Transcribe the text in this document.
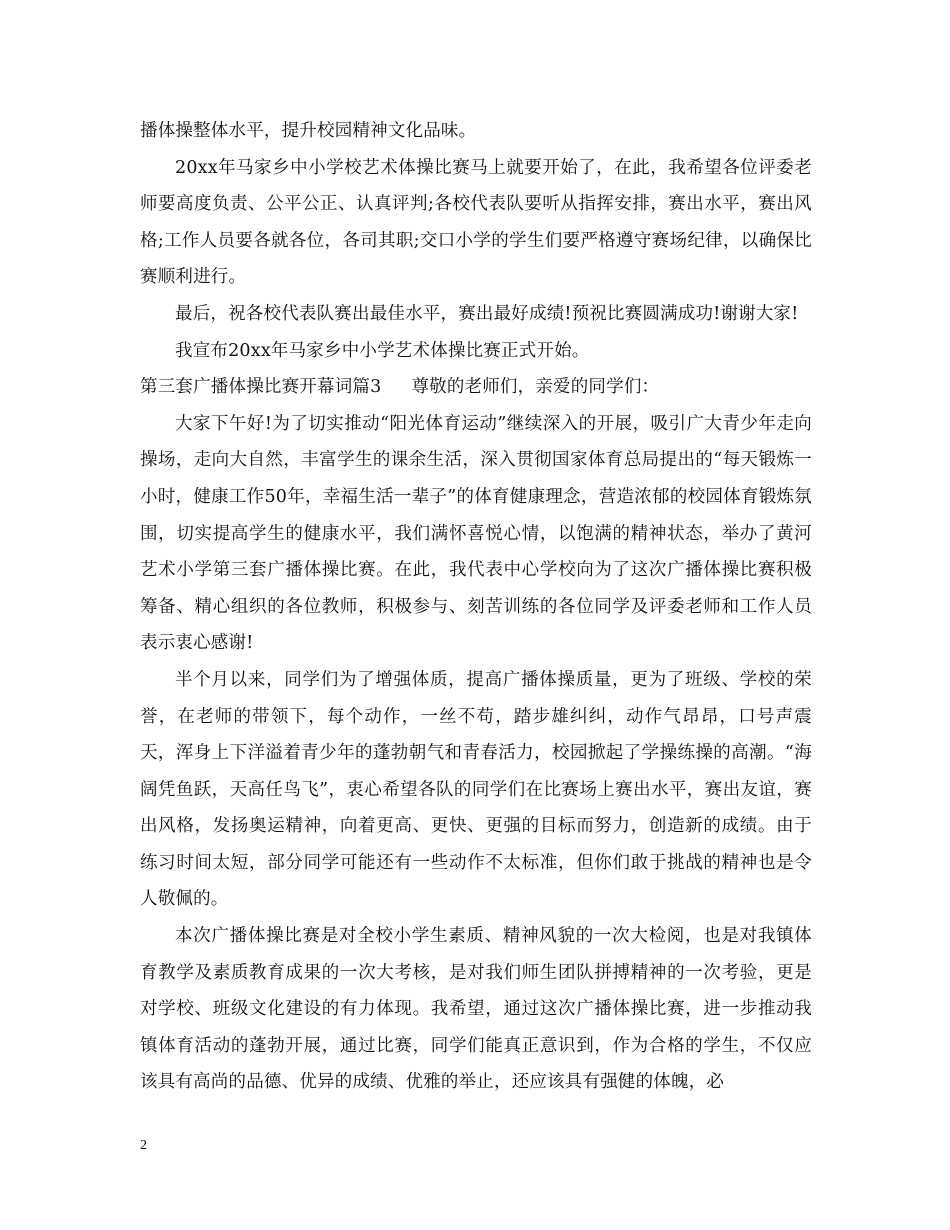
播体操整体水平，提升校园精神文化品味。

20xx年马家乡中小学校艺术体操比赛马上就要开始了，在此，我希望各位评委老师要高度负责、公平公正、认真评判;各校代表队要听从指挥安排，赛出水平，赛出风格;工作人员要各就各位，各司其职;交口小学的学生们要严格遵守赛场纪律，以确保比赛顺利进行。

最后，祝各校代表队赛出最佳水平，赛出最好成绩!预祝比赛圆满成功!谢谢大家!

我宣布20xx年马家乡中小学艺术体操比赛正式开始。

第三套广播体操比赛开幕词篇3 尊敬的老师们，亲爱的同学们：

大家下午好!为了切实推动“阳光体育运动”继续深入的开展，吸引广大青少年走向操场，走向大自然，丰富学生的课余生活，深入贯彻国家体育总局提出的“每天锻炼一小时，健康工作50年，幸福生活一辈子”的体育健康理念，营造浓郁的校园体育锻炼氛围，切实提高学生的健康水平，我们满怀喜悦心情，以饱满的精神状态，举办了黄河艺术小学第三套广播体操比赛。在此，我代表中心学校向为了这次广播体操比赛积极筹备、精心组织的各位教师，积极参与、刻苦训练的各位同学及评委老师和工作人员表示衷心感谢!

半个月以来，同学们为了增强体质，提高广播体操质量，更为了班级、学校的荣誉，在老师的带领下，每个动作，一丝不苟，踏步雄纠纠，动作气昂昂，口号声震天，浑身上下洋溢着青少年的蓬勃朝气和青春活力，校园掀起了学操练操的高潮。“海阔凭鱼跃，天高任鸟飞”，衷心希望各队的同学们在比赛场上赛出水平，赛出友谊，赛出风格，发扬奥运精神，向着更高、更快、更强的目标而努力，创造新的成绩。由于练习时间太短，部分同学可能还有一些动作不太标准，但你们敢于挑战的精神也是令人敬佩的。

本次广播体操比赛是对全校小学生素质、精神风貌的一次大检阅，也是对我镇体育教学及素质教育成果的一次大考核，是对我们师生团队拼搏精神的一次考验，更是对学校、班级文化建设的有力体现。我希望，通过这次广播体操比赛，进一步推动我镇体育活动的蓬勃开展，通过比赛，同学们能真正意识到，作为合格的学生，不仅应该具有高尚的品德、优异的成绩、优雅的举止，还应该具有强健的体魄，必

2
